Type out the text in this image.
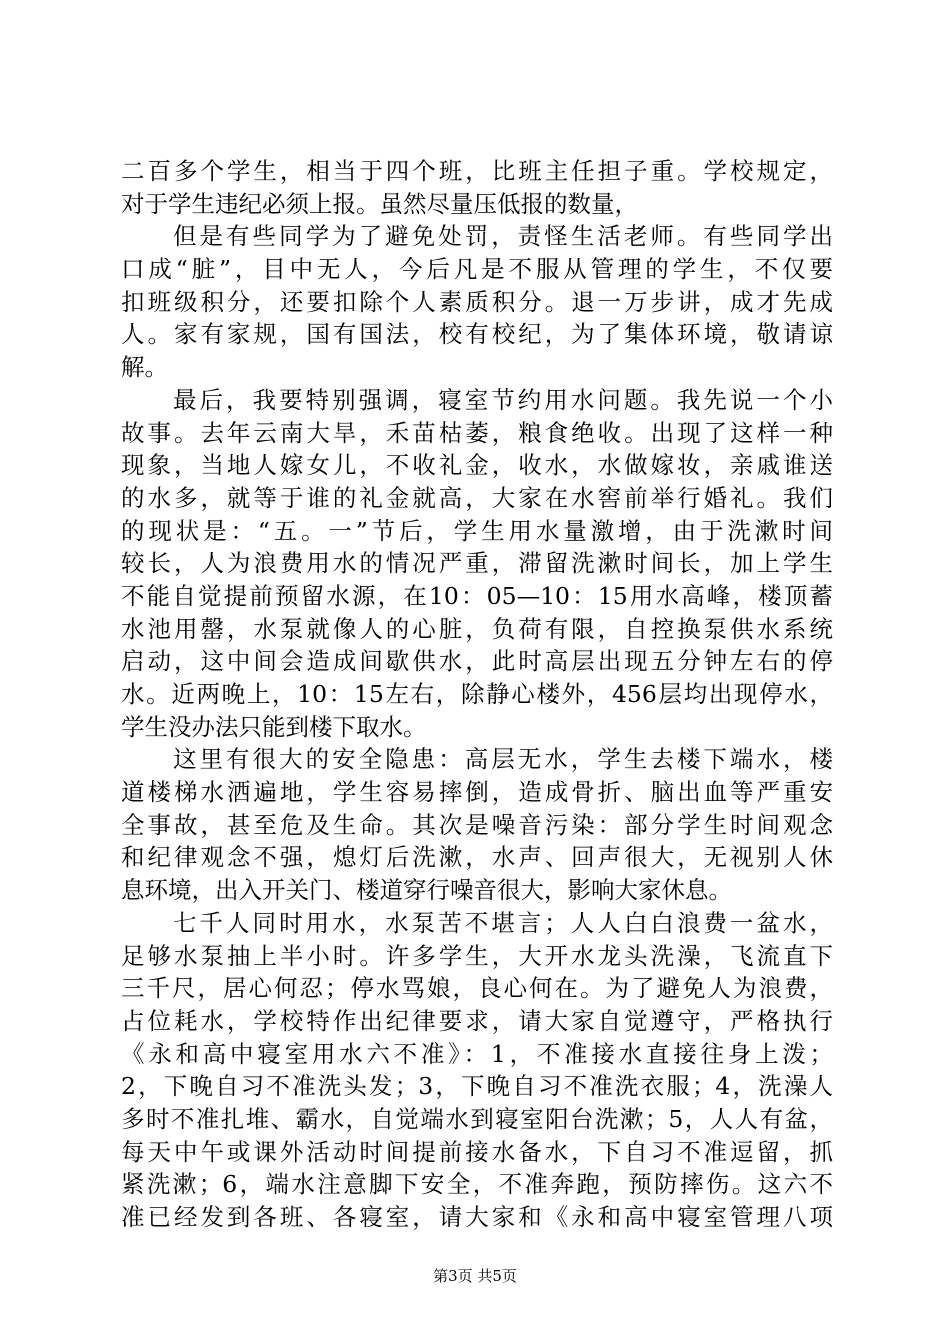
二百多个学生，相当于四个班，比班主任担子重。学校规定，
对于学生违纪必须上报。虽然尽量压低报的数量，
但是有些同学为了避免处罚，责怪生活老师。有些同学出
口成“脏”，目中无人，今后凡是不服从管理的学生，不仅要
扣班级积分，还要扣除个人素质积分。退一万步讲，成才先成
人。家有家规，国有国法，校有校纪，为了集体环境，敬请谅
解。
最后，我要特别强调，寝室节约用水问题。我先说一个小
故事。去年云南大旱，禾苗枯萎，粮食绝收。出现了这样一种
现象，当地人嫁女儿，不收礼金，收水，水做嫁妆，亲戚谁送
的水多，就等于谁的礼金就高，大家在水窖前举行婚礼。我们
的现状是：“五。一”节后，学生用水量激增，由于洗漱时间
较长，人为浪费用水的情况严重，滞留洗漱时间长，加上学生
不能自觉提前预留水源，在10：05—10：15用水高峰，楼顶蓄
水池用罄，水泵就像人的心脏，负荷有限，自控换泵供水系统
启动，这中间会造成间歇供水，此时高层出现五分钟左右的停
水。近两晚上，10：15左右，除静心楼外，456层均出现停水，
学生没办法只能到楼下取水。
这里有很大的安全隐患：高层无水，学生去楼下端水，楼
道楼梯水洒遍地，学生容易摔倒，造成骨折、脑出血等严重安
全事故，甚至危及生命。其次是噪音污染：部分学生时间观念
和纪律观念不强，熄灯后洗漱，水声、回声很大，无视别人休
息环境，出入开关门、楼道穿行噪音很大，影响大家休息。
七千人同时用水，水泵苦不堪言；人人白白浪费一盆水，
足够水泵抽上半小时。许多学生，大开水龙头洗澡，飞流直下
三千尺，居心何忍；停水骂娘，良心何在。为了避免人为浪费，
占位耗水，学校特作出纪律要求，请大家自觉遵守，严格执行
《永和高中寝室用水六不准》：1，不准接水直接往身上泼；
2，下晚自习不准洗头发；3，下晚自习不准洗衣服；4，洗澡人
多时不准扎堆、霸水，自觉端水到寝室阳台洗漱；5，人人有盆，
每天中午或课外活动时间提前接水备水，下自习不准逗留，抓
紧洗漱；6，端水注意脚下安全，不准奔跑，预防摔伤。这六不
准已经发到各班、各寝室，请大家和《永和高中寝室管理八项
第3页 共5页
